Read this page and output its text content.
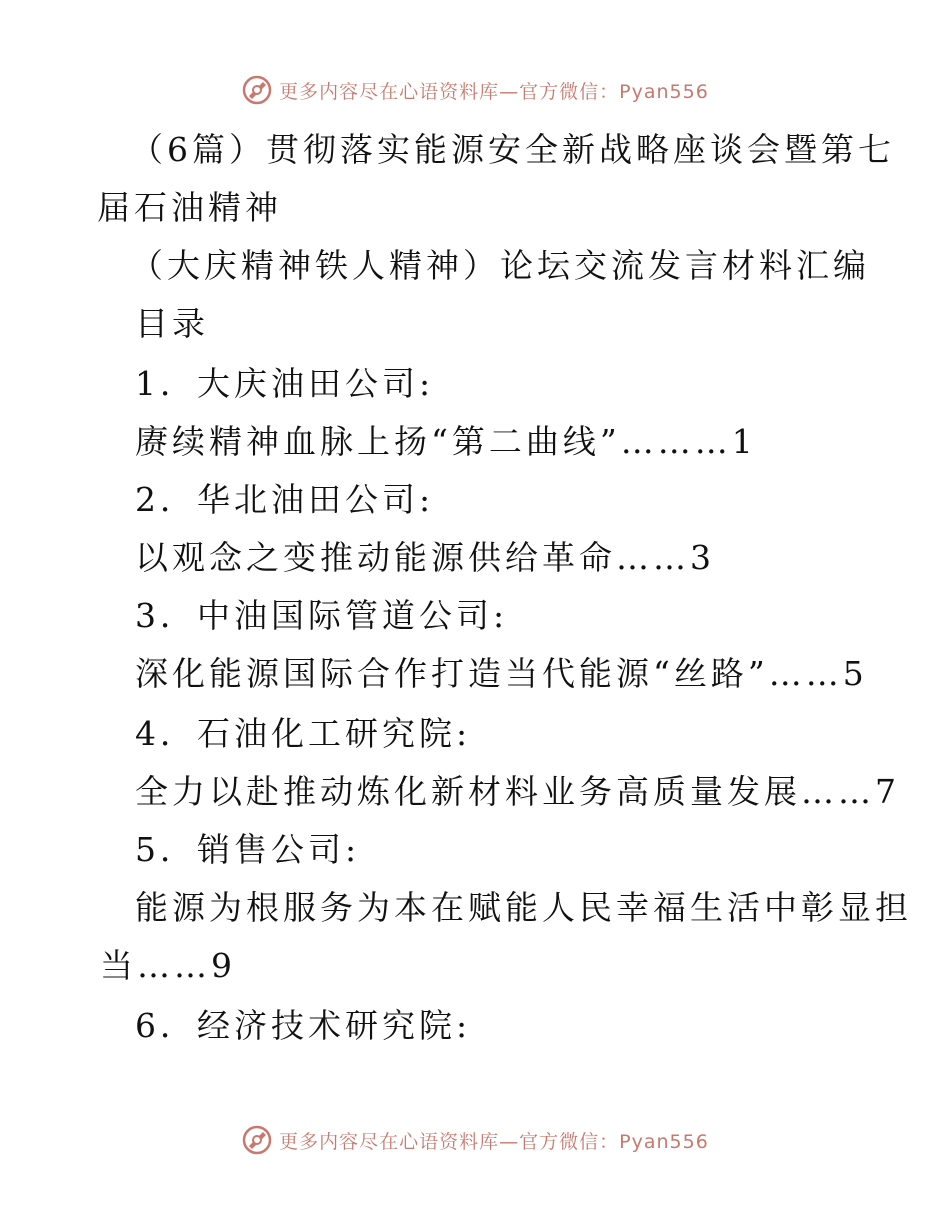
更多内容尽在心语资料库—官方微信：Pyan556
（6篇）贯彻落实能源安全新战略座谈会暨第七
届石油精神
（大庆精神铁人精神）论坛交流发言材料汇编
目录
1．大庆油田公司:
赓续精神血脉上扬“第二曲线”………1
2．华北油田公司:
以观念之变推动能源供给革命……3
3．中油国际管道公司:
深化能源国际合作打造当代能源“丝路”……5
4．石油化工研究院:
全力以赴推动炼化新材料业务高质量发展……7
5．销售公司:
能源为根服务为本在赋能人民幸福生活中彰显担
当……9
6．经济技术研究院:
更多内容尽在心语资料库—官方微信：Pyan556
